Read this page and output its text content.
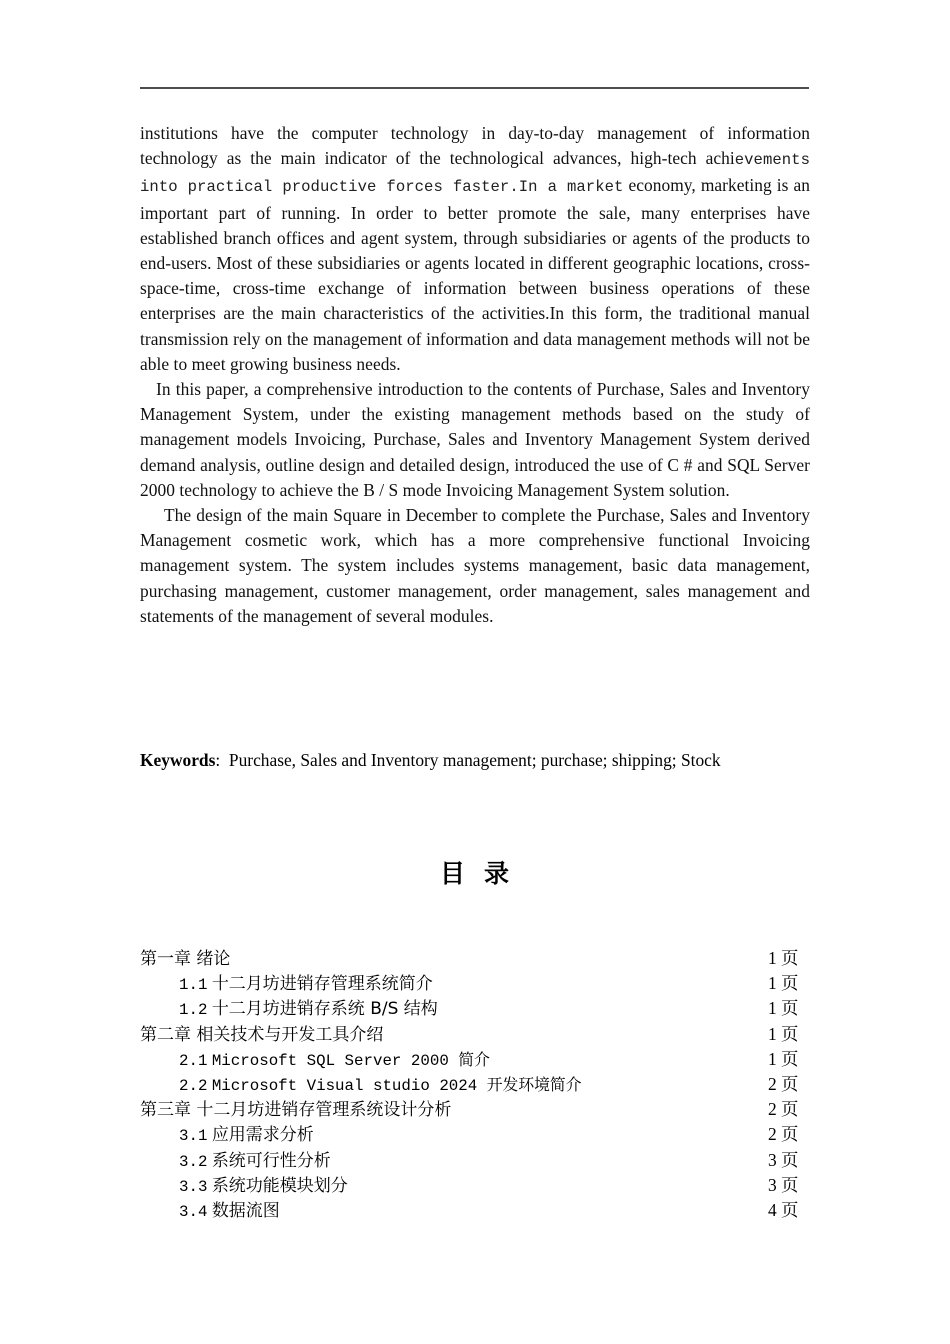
institutions have the computer technology in day-to-day management of information technology as the main indicator of the technological advances, high-tech achievements into practical productive forces faster.In a market economy, marketing is an important part of running. In order to better promote the sale, many enterprises have established branch offices and agent system, through subsidiaries or agents of the products to end-users. Most of these subsidiaries or agents located in different geographic locations, cross-space-time, cross-time exchange of information between business operations of these enterprises are the main characteristics of the activities.In this form, the traditional manual transmission rely on the management of information and data management methods will not be able to meet growing business needs.

In this paper, a comprehensive introduction to the contents of Purchase, Sales and Inventory Management System, under the existing management methods based on the study of management models Invoicing, Purchase, Sales and Inventory Management System derived demand analysis, outline design and detailed design, introduced the use of C # and SQL Server 2000 technology to achieve the B / S mode Invoicing Management System solution.

The design of the main Square in December to complete the Purchase, Sales and Inventory Management cosmetic work, which has a more comprehensive functional Invoicing management system. The system includes systems management, basic data management, purchasing management, customer management, order management, sales management and statements of the management of several modules.

Keywords: Purchase, Sales and Inventory management; purchase; shipping; Stock
目 录
第一章 绪论	1 页
1.1 十二月坊进销存管理系统简介	1 页
1.2 十二月坊进销存系统 B/S 结构	1 页
第二章 相关技术与开发工具介绍	1 页
2.1 Microsoft SQL Server 2000 简介	1 页
2.2 Microsoft Visual studio 2024 开发环境简介	2 页
第三章 十二月坊进销存管理系统设计分析	2 页
3.1 应用需求分析	2 页
3.2 系统可行性分析	3 页
3.3 系统功能模块划分	3 页
3.4 数据流图	4 页
